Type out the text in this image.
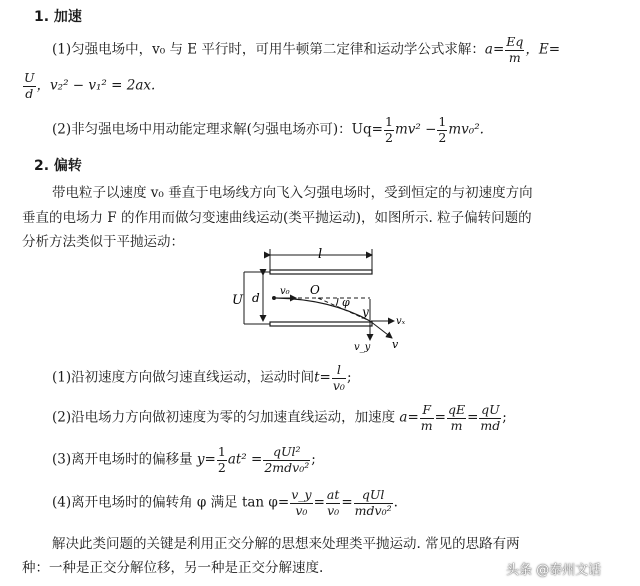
1. 加速
(1)匀强电场中，v₀ 与 E 平行时，可用牛顿第二定律和运动学公式求解：$a= \frac{Eq}{m}$ ，E=
$\frac{U}{d}$ ，v₂² − v₁² = 2ax.
(2)非匀强电场中用动能定理求解(匀强电场亦可)：$Uq= \frac{1}{2} mv^2 - \frac{1}{2} mv_0^2$.
2. 偏转
带电粒子以速度 v₀ 垂直于电场线方向飞入匀强电场时，受到恒定的与初速度方向
垂直的电场力 F 的作用而做匀变速曲线运动(类平抛运动)，如图所示. 粒子偏转问题的
分析方法类似于平抛运动：
l
U d v₀ O
φ
y
vₓ
v_y v
(1)沿初速度方向做匀速直线运动，运动时间$t= \frac{l}{\text{v₀}}$ ;
(2)沿电场力方向做初速度为零的匀加速直线运动，加速度 $a= \frac{F}{m} = \frac{qE}{m} = \frac{qU}{md}$ ;
(3)离开电场时的偏移量 $y= \frac{1}{2} at^2 = \frac{\text{qUl²}}{\text{2mdv₀²}}$ ;
(4)离开电场时的偏转角 φ 满足 $\tan \varphi= \frac{v\_y}{\text{v₀}} = \frac{at}{\text{v₀}} = \frac{\text{qUl}}{\text{mdv₀²}}$ .
解决此类问题的关键是利用正交分解的思想来处理类平抛运动. 常见的思路有两
种：一种是正交分解位移，另一种是正交分解速度.	头条 @泰州文话
